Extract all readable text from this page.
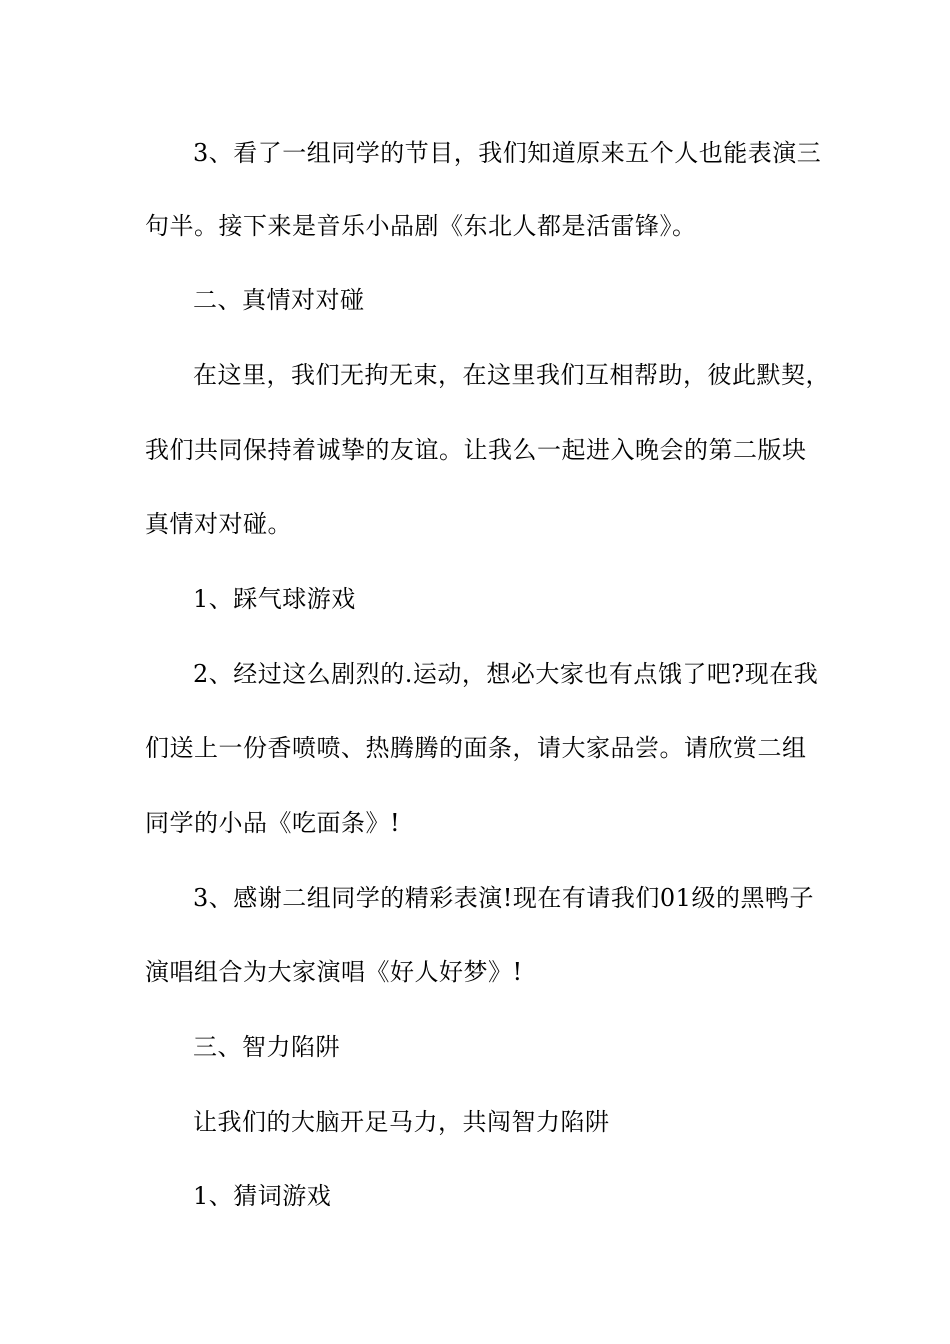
3、看了一组同学的节目，我们知道原来五个人也能表演三
句半。接下来是音乐小品剧《东北人都是活雷锋》。
二、真情对对碰
在这里，我们无拘无束，在这里我们互相帮助，彼此默契，
我们共同保持着诚挚的友谊。让我么一起进入晚会的第二版块
真情对对碰。
1、踩气球游戏
2、经过这么剧烈的.运动，想必大家也有点饿了吧?现在我
们送上一份香喷喷、热腾腾的面条，请大家品尝。请欣赏二组
同学的小品《吃面条》!
3、感谢二组同学的精彩表演!现在有请我们01级的黑鸭子
演唱组合为大家演唱《好人好梦》!
三、智力陷阱
让我们的大脑开足马力，共闯智力陷阱
1、猜词游戏
